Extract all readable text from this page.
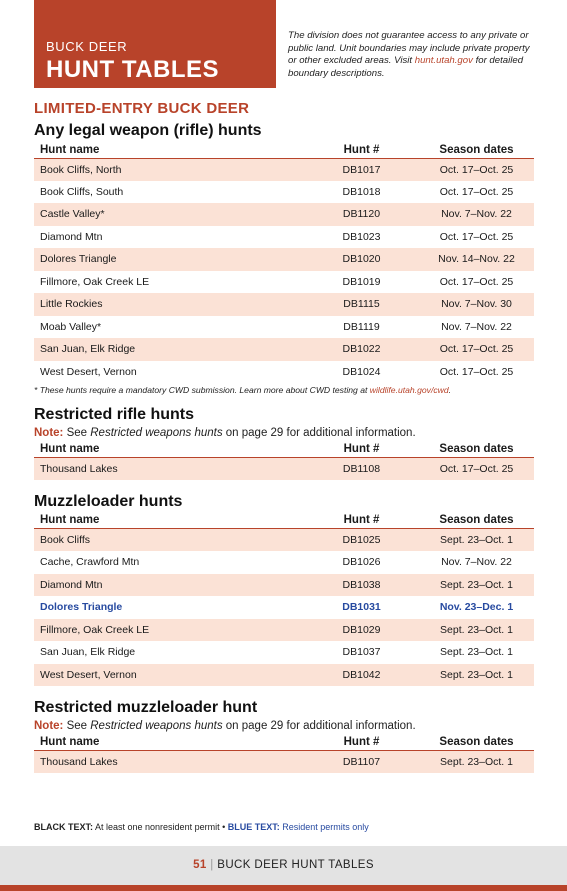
BUCK DEER
HUNT TABLES
The division does not guarantee access to any private or public land. Unit boundaries may include private property or other excluded areas. Visit hunt.utah.gov for detailed boundary descriptions.
LIMITED-ENTRY BUCK DEER
Any legal weapon (rifle) hunts
Hunt name	Hunt #	Season dates
Book Cliffs, North	DB1017	Oct. 17–Oct. 25
Book Cliffs, South	DB1018	Oct. 17–Oct. 25
Castle Valley*	DB1120	Nov. 7–Nov. 22
Diamond Mtn	DB1023	Oct. 17–Oct. 25
Dolores Triangle	DB1020	Nov. 14–Nov. 22
Fillmore, Oak Creek LE	DB1019	Oct. 17–Oct. 25
Little Rockies	DB1115	Nov. 7–Nov. 30
Moab Valley*	DB1119	Nov. 7–Nov. 22
San Juan, Elk Ridge	DB1022	Oct. 17–Oct. 25
West Desert, Vernon	DB1024	Oct. 17–Oct. 25
* These hunts require a mandatory CWD submission. Learn more about CWD testing at wildlife.utah.gov/cwd.
Restricted rifle hunts
Note: See Restricted weapons hunts on page 29 for additional information.
Hunt name	Hunt #	Season dates
Thousand Lakes	DB1108	Oct. 17–Oct. 25
Muzzleloader hunts
Hunt name	Hunt #	Season dates
Book Cliffs	DB1025	Sept. 23–Oct. 1
Cache, Crawford Mtn	DB1026	Nov. 7–Nov. 22
Diamond Mtn	DB1038	Sept. 23–Oct. 1
Dolores Triangle	DB1031	Nov. 23–Dec. 1
Fillmore, Oak Creek LE	DB1029	Sept. 23–Oct. 1
San Juan, Elk Ridge	DB1037	Sept. 23–Oct. 1
West Desert, Vernon	DB1042	Sept. 23–Oct. 1
Restricted muzzleloader hunt
Note: See Restricted weapons hunts on page 29 for additional information.
Hunt name	Hunt #	Season dates
Thousand Lakes	DB1107	Sept. 23–Oct. 1
BLACK TEXT: At least one nonresident permit • BLUE TEXT: Resident permits only
51 | BUCK DEER HUNT TABLES
